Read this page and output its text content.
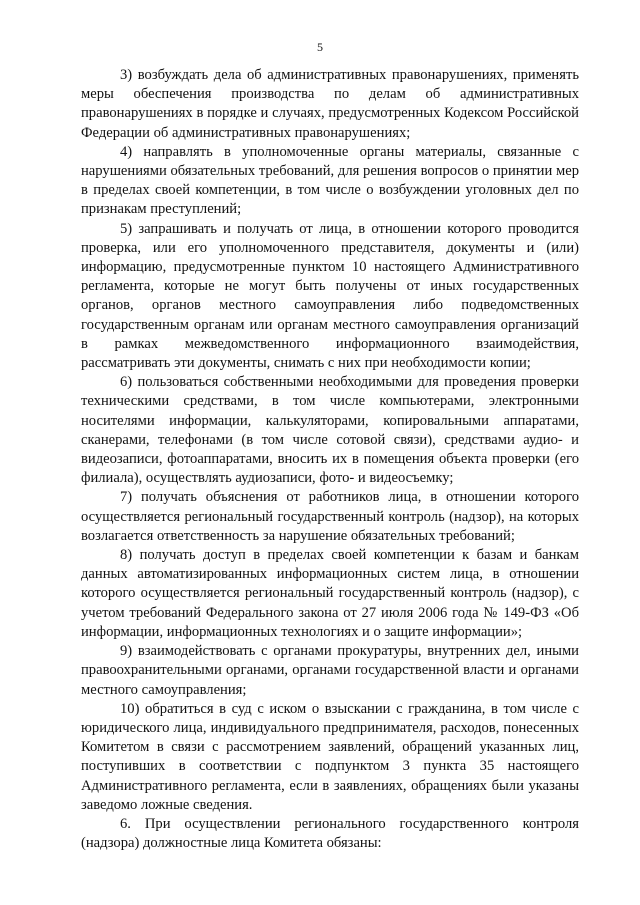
5

3) возбуждать дела об административных правонарушениях, применять меры обеспечения производства по делам об административных правонарушениях в порядке и случаях, предусмотренных Кодексом Российской Федерации об административных правонарушениях;

4) направлять в уполномоченные органы материалы, связанные с нарушениями обязательных требований, для решения вопросов о принятии мер в пределах своей компетенции, в том числе о возбуждении уголовных дел по признакам преступлений;

5) запрашивать и получать от лица, в отношении которого проводится проверка, или его уполномоченного представителя, документы и (или) информацию, предусмотренные пунктом 10 настоящего Административного регламента, которые не могут быть получены от иных государственных органов, органов местного самоуправления либо подведомственных государственным органам или органам местного самоуправления организаций в рамках межведомственного информационного взаимодействия, рассматривать эти документы, снимать с них при необходимости копии;

6) пользоваться собственными необходимыми для проведения проверки техническими средствами, в том числе компьютерами, электронными носителями информации, калькуляторами, копировальными аппаратами, сканерами, телефонами (в том числе сотовой связи), средствами аудио- и видеозаписи, фотоаппаратами, вносить их в помещения объекта проверки (его филиала), осуществлять аудиозаписи, фото- и видеосъемку;

7) получать объяснения от работников лица, в отношении которого осуществляется региональный государственный контроль (надзор), на которых возлагается ответственность за нарушение обязательных требований;

8) получать доступ в пределах своей компетенции к базам и банкам данных автоматизированных информационных систем лица, в отношении которого осуществляется региональный государственный контроль (надзор), с учетом требований Федерального закона от 27 июля 2006 года № 149-ФЗ «Об информации, информационных технологиях и о защите информации»;

9) взаимодействовать с органами прокуратуры, внутренних дел, иными правоохранительными органами, органами государственной власти и органами местного самоуправления;

10) обратиться в суд с иском о взыскании с гражданина, в том числе с юридического лица, индивидуального предпринимателя, расходов, понесенных Комитетом в связи с рассмотрением заявлений, обращений указанных лиц, поступивших в соответствии с подпунктом 3 пункта 35 настоящего Административного регламента, если в заявлениях, обращениях были указаны заведомо ложные сведения.

6. При осуществлении регионального государственного контроля (надзора) должностные лица Комитета обязаны:
